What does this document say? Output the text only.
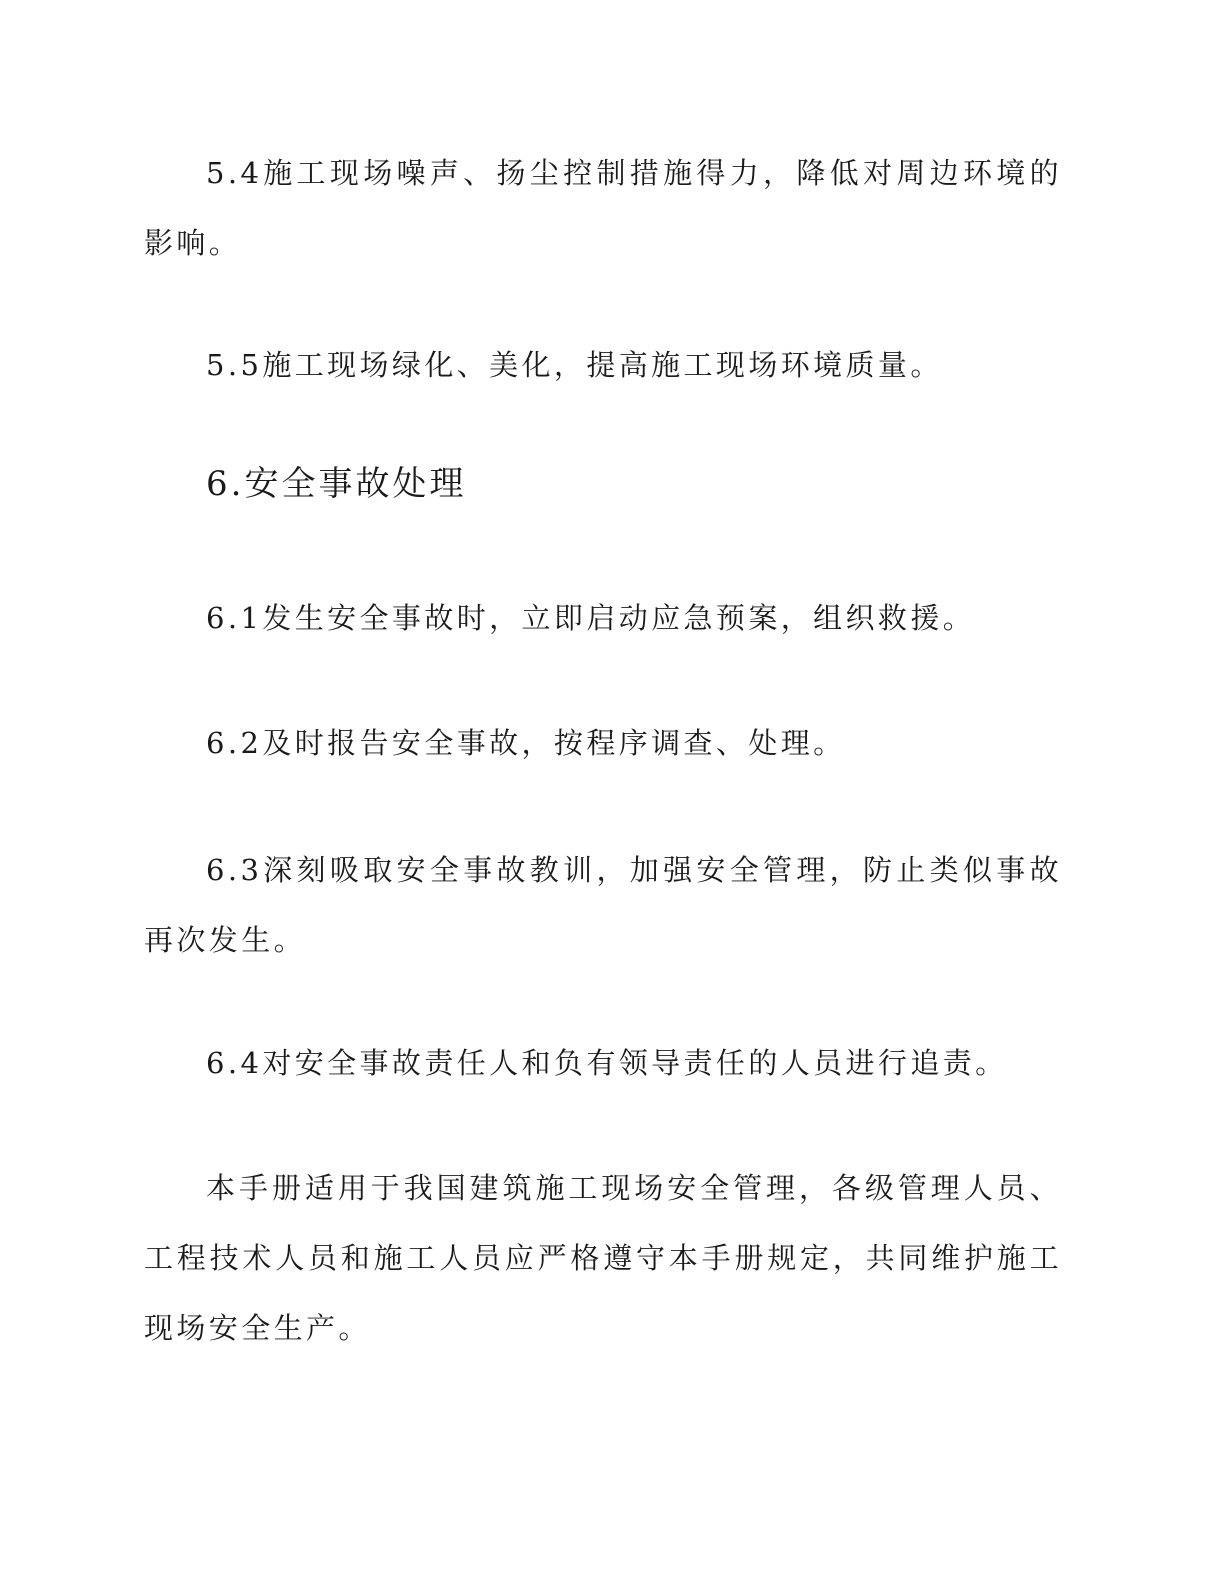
5.4施工现场噪声、扬尘控制措施得力，降低对周边环境的影响。

5.5施工现场绿化、美化，提高施工现场环境质量。

6.安全事故处理

6.1发生安全事故时，立即启动应急预案，组织救援。

6.2及时报告安全事故，按程序调查、处理。

6.3深刻吸取安全事故教训，加强安全管理，防止类似事故再次发生。

6.4对安全事故责任人和负有领导责任的人员进行追责。

本手册适用于我国建筑施工现场安全管理，各级管理人员、工程技术人员和施工人员应严格遵守本手册规定，共同维护施工现场安全生产。
